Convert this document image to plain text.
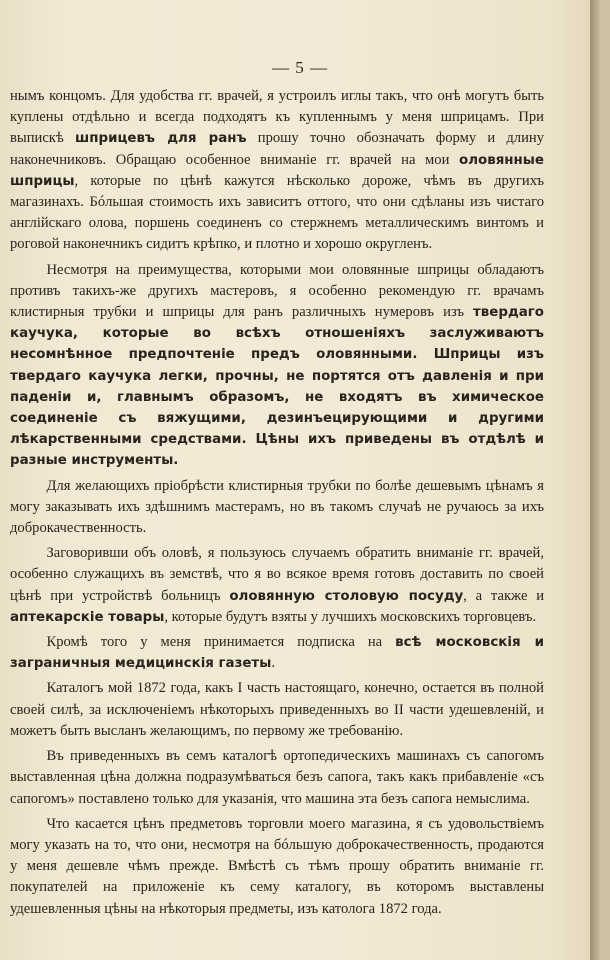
— 5 —

нымъ концомъ. Для удобства гг. врачей, я устроилъ иглы такъ, что онѣ могутъ быть куплены отдѣльно и всегда подходятъ къ купленнымъ у меня шприцамъ. При выпискѣ шприцевъ для ранъ прошу точно обозначать форму и длину наконечниковъ. Обращаю особенное вниманіе гг. врачей на мои оловянные шприцы, которые по цѣнѣ кажутся нѣсколько дороже, чѣмъ въ другихъ магазинахъ. Бóльшая стоимость ихъ зависитъ оттого, что они сдѣланы изъ чистаго англійскаго олова, поршень соединенъ со стержнемъ металлическимъ винтомъ и роговой наконечникъ сидитъ крѣпко, и плотно и хорошо округленъ.

Несмотря на преимущества, которыми мои оловянные шприцы обладаютъ противъ такихъ-же другихъ мастеровъ, я особенно рекомендую гг. врачамъ клистирныя трубки и шприцы для ранъ различныхъ нумеровъ изъ твердаго каучука, которые во всѣхъ отношеніяхъ заслуживаютъ несомнѣнное предпочтеніе предъ оловянными. Шприцы изъ твердаго каучука легки, прочны, не портятся отъ давленія и при паденіи и, главнымъ образомъ, не входятъ въ химическое соединеніе съ вяжущими, дезинъецирующими и другими лѣкарственными средствами. Цѣны ихъ приведены въ отдѣлѣ и разные инструменты.

Для желающихъ пріобрѣсти клистирныя трубки по болѣе дешевымъ цѣнамъ я могу заказывать ихъ здѣшнимъ мастерамъ, но въ такомъ случаѣ не ручаюсь за ихъ доброкачественность.

Заговоривши объ оловѣ, я пользуюсь случаемъ обратить вниманіе гг. врачей, особенно служащихъ въ земствѣ, что я во всякое время готовъ доставить по своей цѣнѣ при устройствѣ больницъ оловянную столовую посуду, а также и аптекарскіе товары, которые будутъ взяты у лучшихъ московскихъ торговцевъ.

Кромѣ того у меня принимается подписка на всѣ московскія и заграничныя медицинскія газеты.

Каталогъ мой 1872 года, какъ I часть настоящаго, конечно, остается въ полной своей силѣ, за исключеніемъ нѣкоторыхъ приведенныхъ во II части удешевленій, и можетъ быть высланъ желающимъ, по первому же требованію.

Въ приведенныхъ въ семъ каталогѣ ортопедическихъ машинахъ съ сапогомъ выставленная цѣна должна подразумѣваться безъ сапога, такъ какъ прибавленіе «съ сапогомъ» поставлено только для указанія, что машина эта безъ сапога немыслима.

Что касается цѣнъ предметовъ торговли моего магазина, я съ удовольствіемъ могу указать на то, что они, несмотря на бóльшую доброкачественность, продаются у меня дешевле чѣмъ прежде. Вмѣстѣ съ тѣмъ прошу обратить вниманіе гг. покупателей на приложеніе къ сему каталогу, въ которомъ выставлены удешевленныя цѣны на нѣкоторыя предметы, изъ католога 1872 года.
